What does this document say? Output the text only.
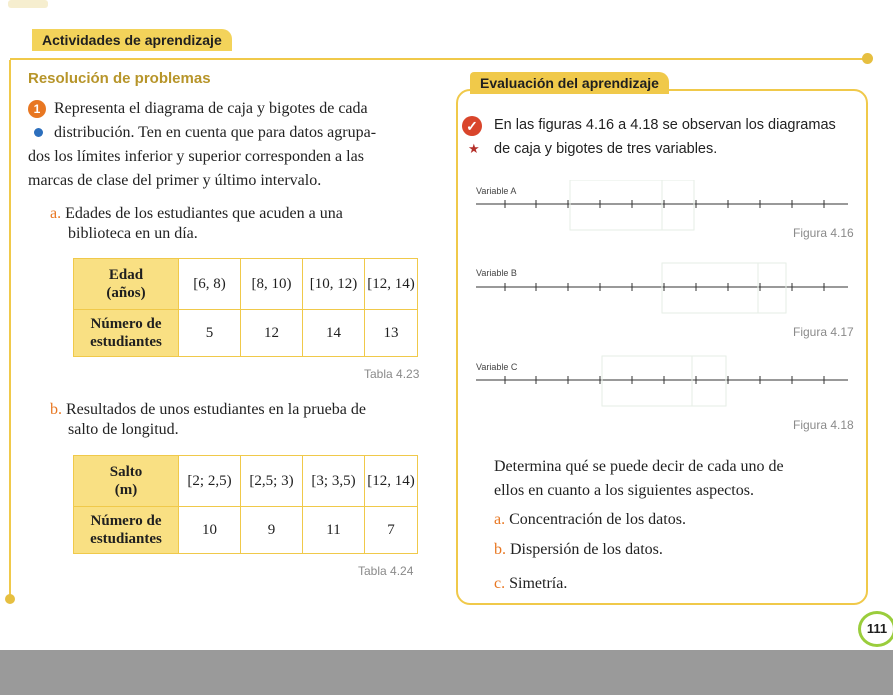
Actividades de aprendizaje
Resolución de problemas
1 Representa el diagrama de caja y bigotes de cada
distribución. Ten en cuenta que para datos agrupa-
dos los límites inferior y superior corresponden a las
marcas de clase del primer y último intervalo.
a. Edades de los estudiantes que acuden a una
biblioteca en un día.
Edad
(años)	[6, 8)	[8, 10)	[10, 12)	[12, 14)

Número de
estudiantes	5	12	14	13
Tabla 4.23
b. Resultados de unos estudiantes en la prueba de
salto de longitud.
Salto
(m)	[2; 2,5)	[2,5; 3)	[3; 3,5)	[12, 14)

Número de
estudiantes	10	9	11	7
Tabla 4.24
Evaluación del aprendizaje
✓
★
En las figuras 4.16 a 4.18 se observan los diagramas
de caja y bigotes de tres variables.
Variable A
Figura 4.16
Variable B
Figura 4.17
Variable C
Figura 4.18
Determina qué se puede decir de cada uno de
ellos en cuanto a los siguientes aspectos.
a. Concentración de los datos.
b. Dispersión de los datos.
c. Simetría.
111
